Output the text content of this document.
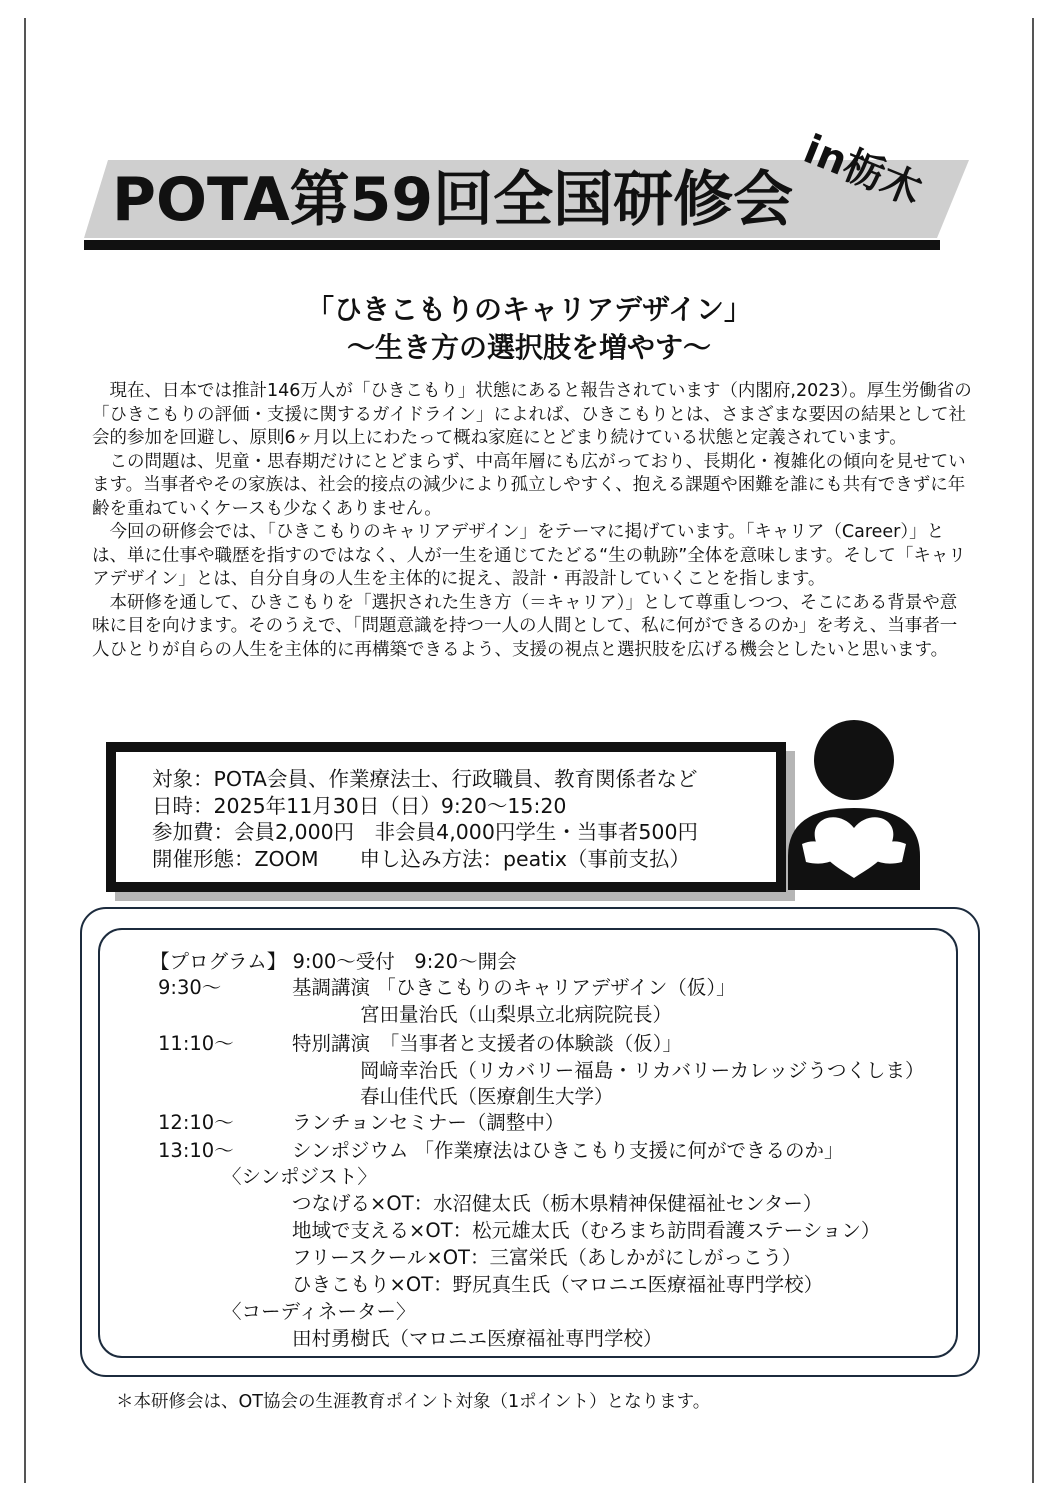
POTA第59回全国研修会 in栃木
「ひきこもりのキャリアデザイン」
〜生き方の選択肢を増やす〜

現在、日本では推計146万人が「ひきこもり」状態にあると報告されています（内閣府,2023）。厚生労働省の「ひきこもりの評価・支援に関するガイドライン」によれば、ひきこもりとは、さまざまな要因の結果として社会的参加を回避し、原則6ヶ月以上にわたって概ね家庭にとどまり続けている状態と定義されています。

この問題は、児童・思春期だけにとどまらず、中高年層にも広がっており、長期化・複雑化の傾向を見せています。当事者やその家族は、社会的接点の減少により孤立しやすく、抱える課題や困難を誰にも共有できずに年齢を重ねていくケースも少なくありません。

今回の研修会では、「ひきこもりのキャリアデザイン」をテーマに掲げています。「キャリア（Career）」とは、単に仕事や職歴を指すのではなく、人が一生を通じてたどる“生の軌跡”全体を意味します。そして「キャリアデザイン」とは、自分自身の人生を主体的に捉え、設計・再設計していくことを指します。

本研修を通して、ひきこもりを「選択された生き方（＝キャリア）」として尊重しつつ、そこにある背景や意味に目を向けます。そのうえで、「問題意識を持つ一人の人間として、私に何ができるのか」を考え、当事者一人ひとりが自らの人生を主体的に再構築できるよう、支援の視点と選択肢を広げる機会としたいと思います。

対象：POTA会員、作業療法士、行政職員、教育関係者など
日時：2025年11月30日（日）9:20〜15:20
参加費：会員2,000円　非会員4,000円学生・当事者500円
開催形態：ZOOM　　申し込み方法：peatix（事前支払）
【プログラム】 9:00〜受付　9:20〜開会
9:30〜	基調講演 「ひきこもりのキャリアデザイン（仮）」
宮田量治氏（山梨県立北病院院長）
11:10〜	特別講演　「当事者と支援者の体験談（仮）」
岡﨑幸治氏（リカバリー福島・リカバリーカレッジうつくしま）
春山佳代氏（医療創生大学）
12:10〜	ランチョンセミナー（調整中）
13:10〜	シンポジウム 「作業療法はひきこもり支援に何ができるのか」
〈シンポジスト〉
つなげる×OT：水沼健太氏（栃木県精神保健福祉センター）
地域で支える×OT：松元雄太氏（むろまち訪問看護ステーション）
フリースクール×OT：三富栄氏（あしかがにしがっこう）
ひきこもり×OT：野尻真生氏（マロニエ医療福祉専門学校）
〈コーディネーター〉
田村勇樹氏（マロニエ医療福祉専門学校）
＊本研修会は、OT協会の生涯教育ポイント対象（1ポイント）となります。
